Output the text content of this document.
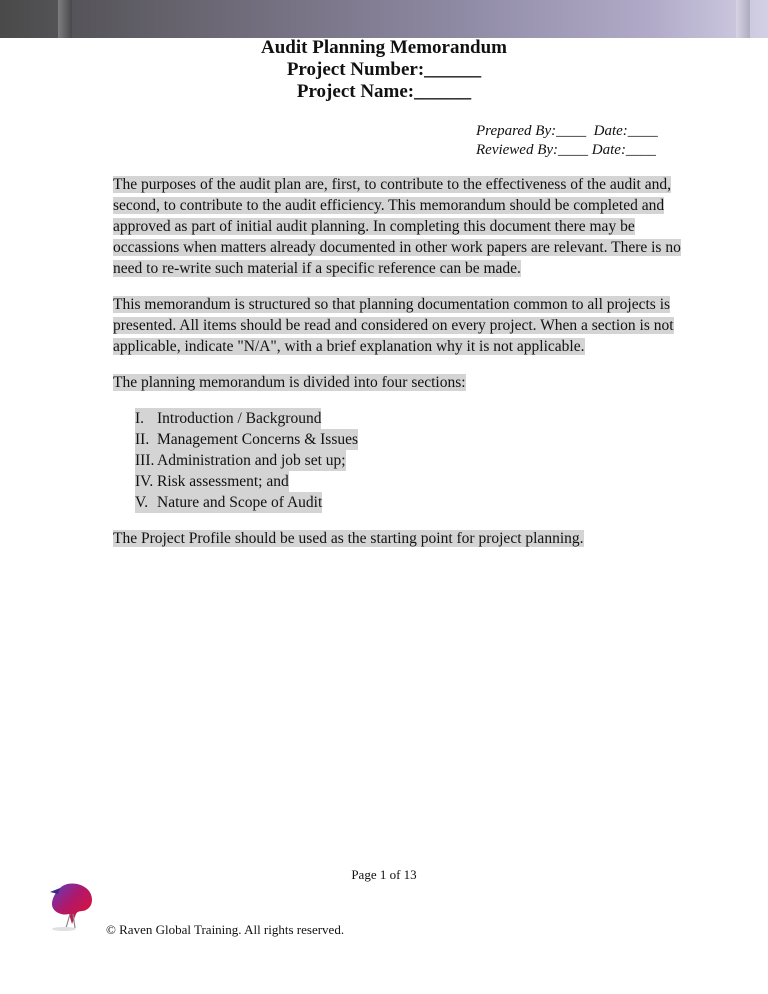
Audit Planning Memorandum
Project Number:______
Project Name:______
Prepared By:____  Date:____
Reviewed By:____ Date:____

The purposes of the audit plan are, first, to contribute to the effectiveness of the audit and, second, to contribute to the audit efficiency. This memorandum should be completed and approved as part of initial audit planning. In completing this document there may be occassions when matters already documented in other work papers are relevant. There is no need to re-write such material if a specific reference can be made.

This memorandum is structured so that planning documentation common to all projects is presented. All items should be read and considered on every project. When a section is not applicable, indicate "N/A", with a brief explanation why it is not applicable.

The planning memorandum is divided into four sections:

I. Introduction / Background
II. Management Concerns & Issues
III. Administration and job set up;
IV. Risk assessment; and
V. Nature and Scope of Audit

The Project Profile should be used as the starting point for project planning.

Page 1 of 13
© Raven Global Training. All rights reserved.
